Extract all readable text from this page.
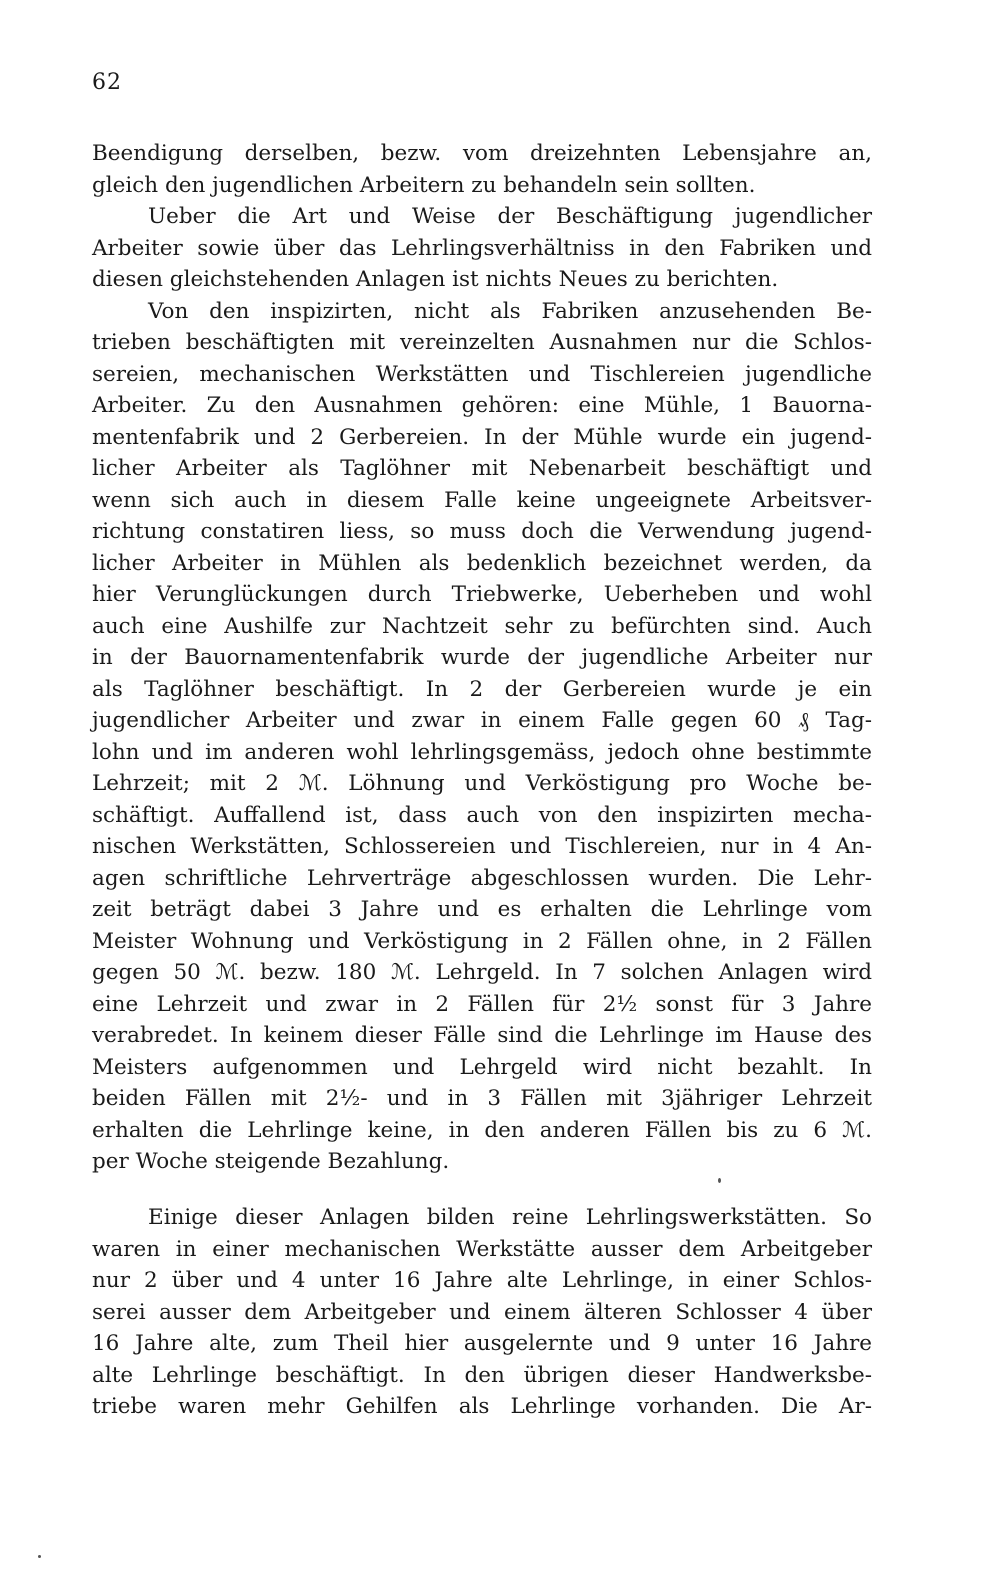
62
Beendigung derselben, bezw. vom dreizehnten Lebensjahre an,
gleich den jugendlichen Arbeitern zu behandeln sein sollten.
Ueber die Art und Weise der Beschäftigung jugendlicher
Arbeiter sowie über das Lehrlingsverhältniss in den Fabriken und
diesen gleichstehenden Anlagen ist nichts Neues zu berichten.
Von den inspizirten, nicht als Fabriken anzusehenden Be-
trieben beschäftigten mit vereinzelten Ausnahmen nur die Schlos-
sereien, mechanischen Werkstätten und Tischlereien jugendliche
Arbeiter. Zu den Ausnahmen gehören: eine Mühle, 1 Bauorna-
mentenfabrik und 2 Gerbereien. In der Mühle wurde ein jugend-
licher Arbeiter als Taglöhner mit Nebenarbeit beschäftigt und
wenn sich auch in diesem Falle keine ungeeignete Arbeitsver-
richtung constatiren liess, so muss doch die Verwendung jugend-
licher Arbeiter in Mühlen als bedenklich bezeichnet werden, da
hier Verunglückungen durch Triebwerke, Ueberheben und wohl
auch eine Aushilfe zur Nachtzeit sehr zu befürchten sind. Auch
in der Bauornamentenfabrik wurde der jugendliche Arbeiter nur
als Taglöhner beschäftigt. In 2 der Gerbereien wurde je ein
jugendlicher Arbeiter und zwar in einem Falle gegen 60 ₰ Tag-
lohn und im anderen wohl lehrlingsgemäss, jedoch ohne bestimmte
Lehrzeit; mit 2 ℳ. Löhnung und Verköstigung pro Woche be-
schäftigt. Auffallend ist, dass auch von den inspizirten mecha-
nischen Werkstätten, Schlossereien und Tischlereien, nur in 4 An-
agen schriftliche Lehrverträge abgeschlossen wurden. Die Lehr-
zeit beträgt dabei 3 Jahre und es erhalten die Lehrlinge vom
Meister Wohnung und Verköstigung in 2 Fällen ohne, in 2 Fällen
gegen 50 ℳ. bezw. 180 ℳ. Lehrgeld. In 7 solchen Anlagen wird
eine Lehrzeit und zwar in 2 Fällen für 2½ sonst für 3 Jahre
verabredet. In keinem dieser Fälle sind die Lehrlinge im Hause des
Meisters aufgenommen und Lehrgeld wird nicht bezahlt. In
beiden Fällen mit 2½- und in 3 Fällen mit 3jähriger Lehrzeit
erhalten die Lehrlinge keine, in den anderen Fällen bis zu 6 ℳ.
per Woche steigende Bezahlung.
Einige dieser Anlagen bilden reine Lehrlingswerkstätten. So
waren in einer mechanischen Werkstätte ausser dem Arbeitgeber
nur 2 über und 4 unter 16 Jahre alte Lehrlinge, in einer Schlos-
serei ausser dem Arbeitgeber und einem älteren Schlosser 4 über
16 Jahre alte, zum Theil hier ausgelernte und 9 unter 16 Jahre
alte Lehrlinge beschäftigt. In den übrigen dieser Handwerksbe-
triebe waren mehr Gehilfen als Lehrlinge vorhanden. Die Ar-
